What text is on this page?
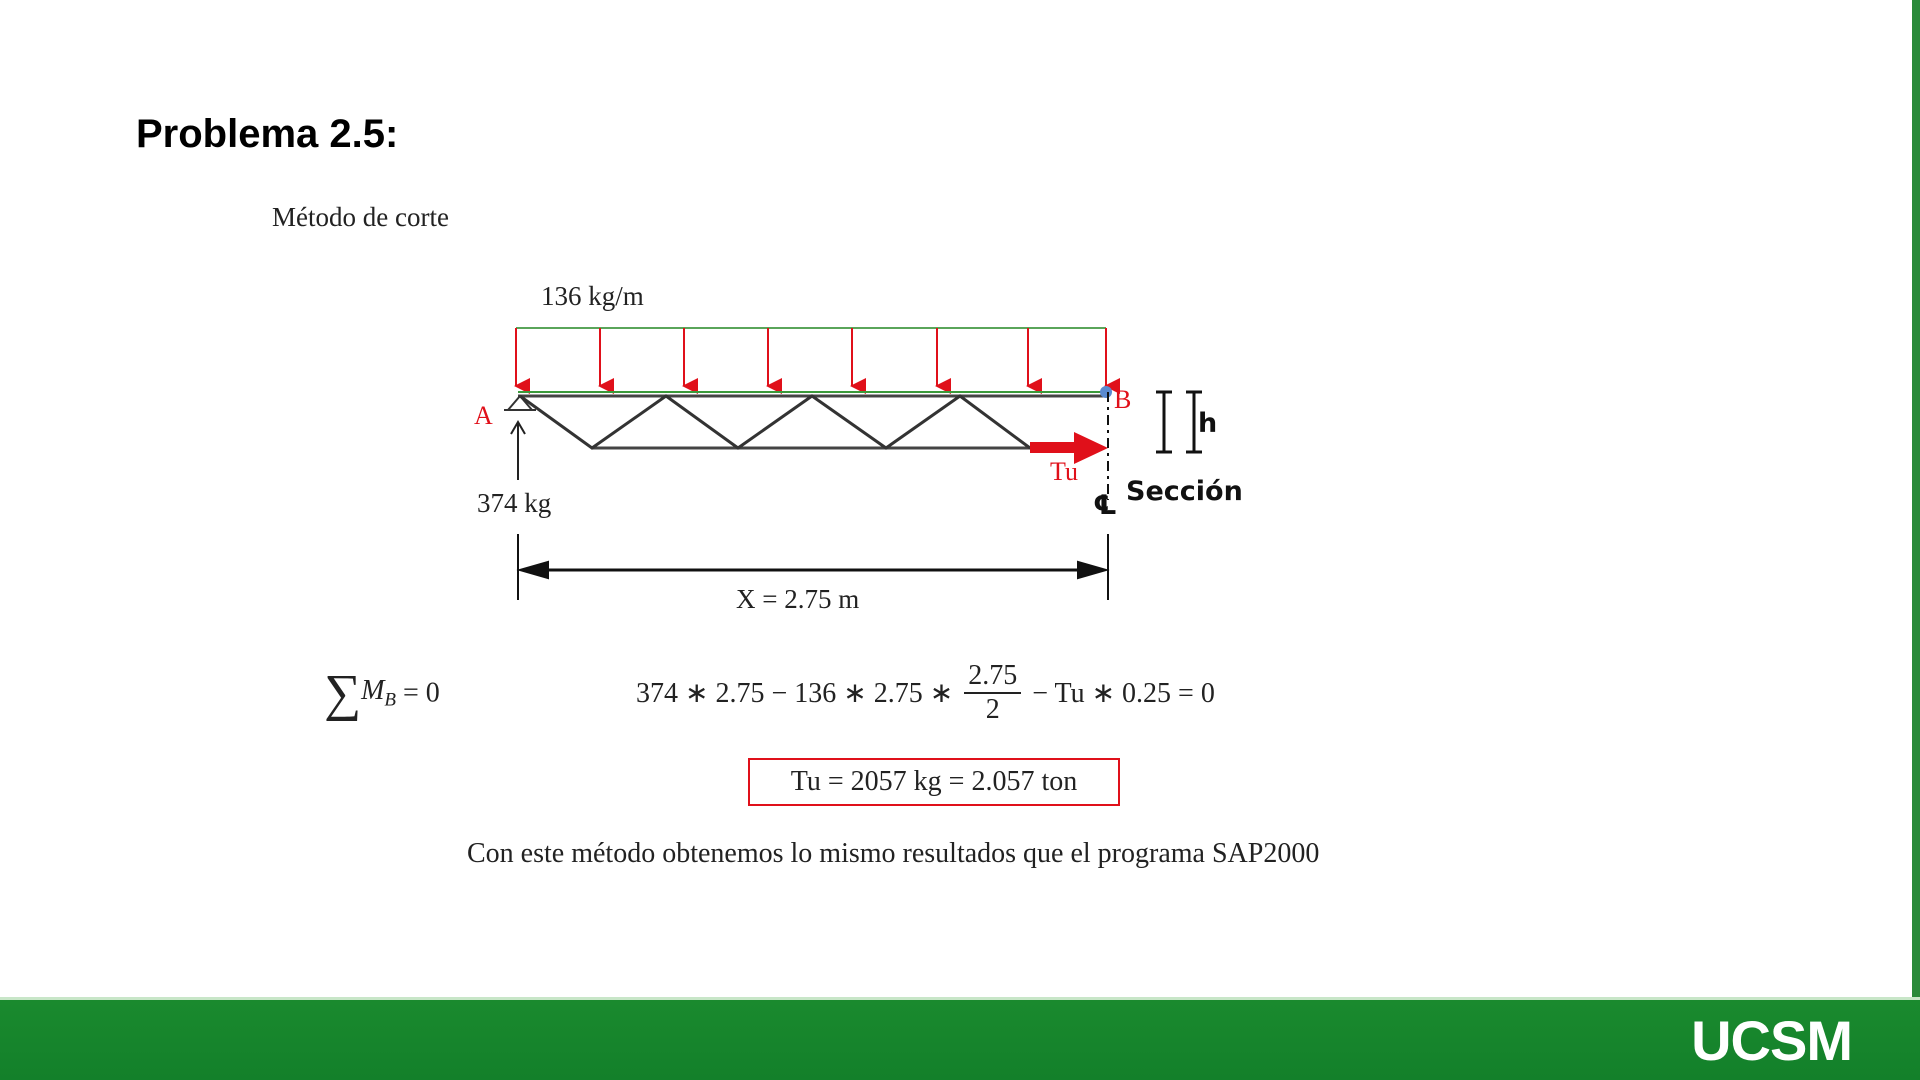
Problema 2.5:
Método de corte
136 kg/m
A
B
374 kg
Tu
℄ Sección
h
X = 2.75 m
$\sum M_B = 0$	374 ∗ 2.75 − 136 ∗ 2.75 ∗ $\frac{2.75}{2} - Tu$ ∗ 0.25 = 0
Tu = 2057 kg = 2.057 ton
Con este método obtenemos lo mismo resultados que el programa SAP2000
UCSM
